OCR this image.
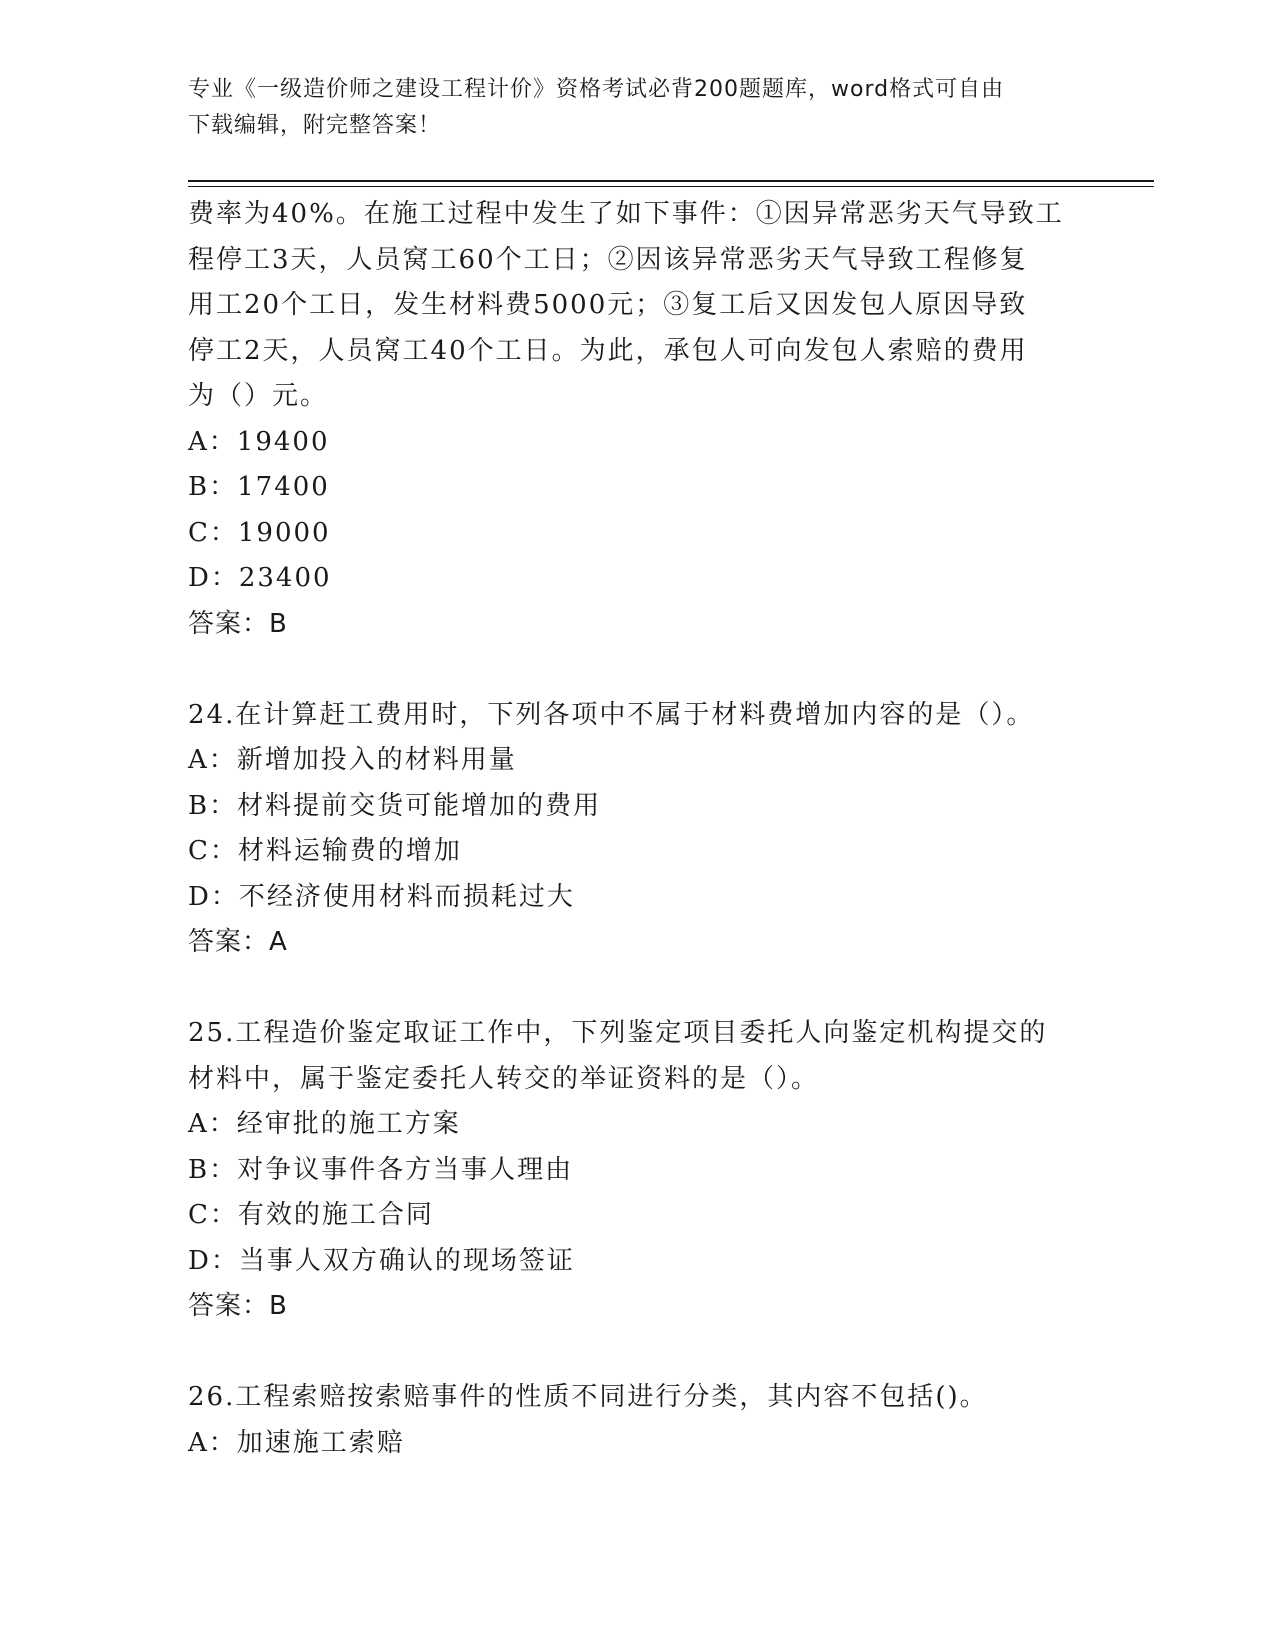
专业《一级造价师之建设工程计价》资格考试必背200题题库，word格式可自由
下载编辑，附完整答案！
费率为40%。在施工过程中发生了如下事件：①因异常恶劣天气导致工
程停工3天，人员窝工60个工日；②因该异常恶劣天气导致工程修复
用工20个工日，发生材料费5000元；③复工后又因发包人原因导致
停工2天，人员窝工40个工日。为此，承包人可向发包人索赔的费用
为（）元。
A：19400
B：17400
C：19000
D：23400
答案：B
24.在计算赶工费用时，下列各项中不属于材料费增加内容的是（）。
A：新增加投入的材料用量
B：材料提前交货可能增加的费用
C：材料运输费的增加
D：不经济使用材料而损耗过大
答案：A
25.工程造价鉴定取证工作中，下列鉴定项目委托人向鉴定机构提交的
材料中，属于鉴定委托人转交的举证资料的是（）。
A：经审批的施工方案
B：对争议事件各方当事人理由
C：有效的施工合同
D：当事人双方确认的现场签证
答案：B
26.工程索赔按索赔事件的性质不同进行分类，其内容不包括()。
A：加速施工索赔
